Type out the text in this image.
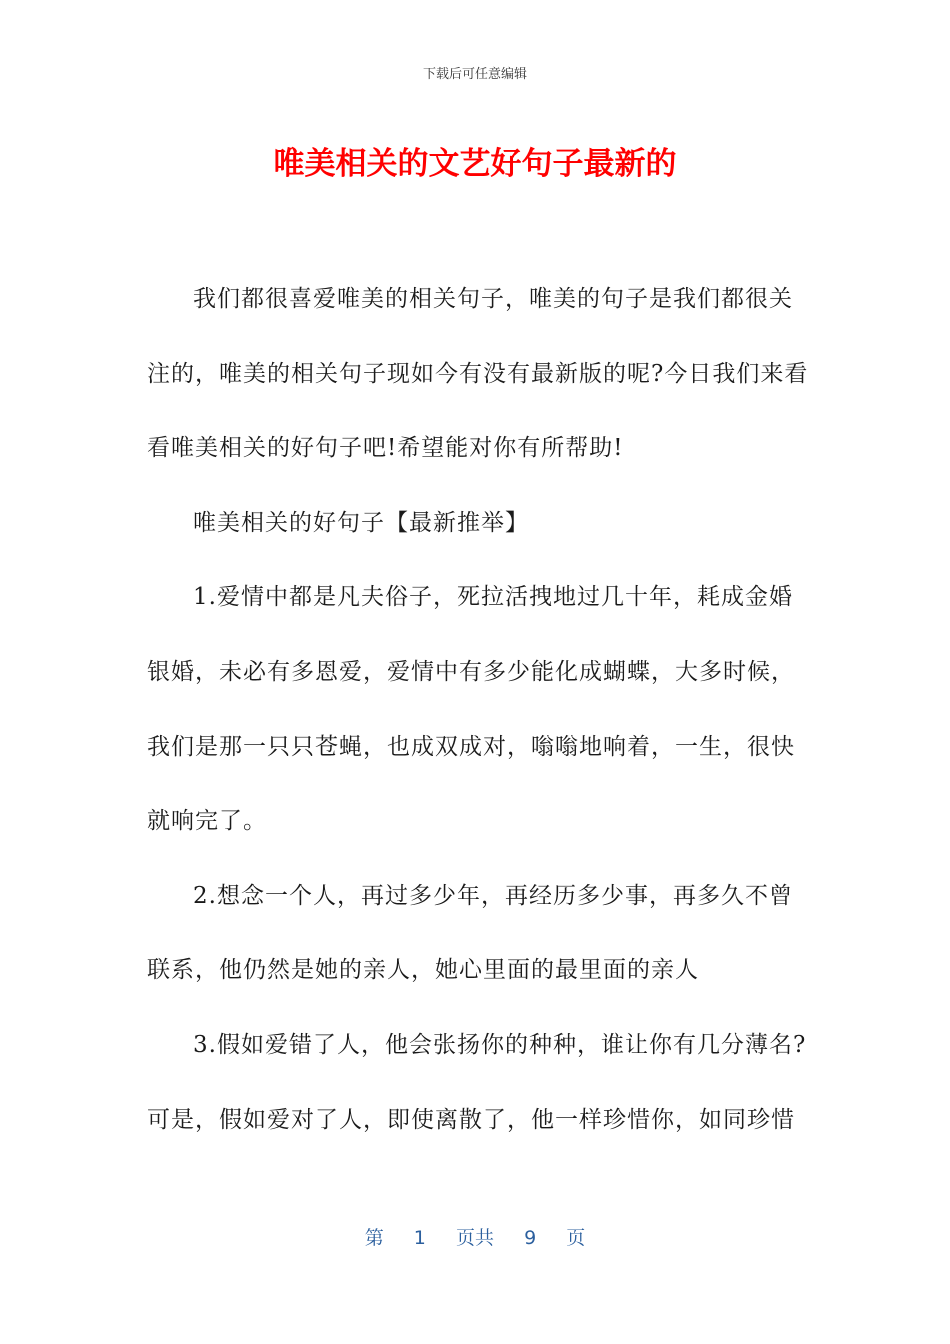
下载后可任意编辑
唯美相关的文艺好句子最新的
我们都很喜爱唯美的相关句子，唯美的句子是我们都很关
注的，唯美的相关句子现如今有没有最新版的呢?今日我们来看
看唯美相关的好句子吧!希望能对你有所帮助!
唯美相关的好句子【最新推举】
1.爱情中都是凡夫俗子，死拉活拽地过几十年，耗成金婚
银婚，未必有多恩爱，爱情中有多少能化成蝴蝶，大多时候，
我们是那一只只苍蝇，也成双成对，嗡嗡地响着，一生，很快
就响完了。
2.想念一个人，再过多少年，再经历多少事，再多久不曾
联系，他仍然是她的亲人，她心里面的最里面的亲人
3.假如爱错了人，他会张扬你的种种，谁让你有几分薄名?
可是，假如爱对了人，即使离散了，他一样珍惜你，如同珍惜
第 1 页共 9 页
